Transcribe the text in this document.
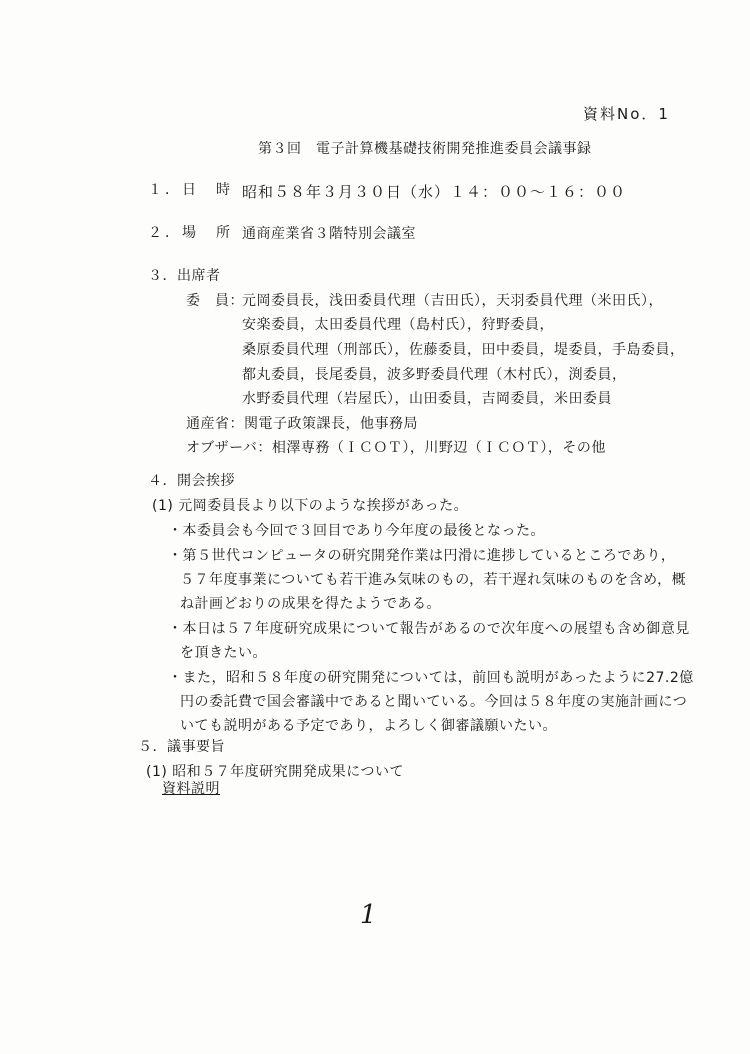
資料No．1
第３回　電子計算機基礎技術開発推進委員会議事録
１．日　時 昭和５８年３月３０日（水）１４：００～１６：００
２．場　所 通商産業省３階特別会議室
３．出席者
委　員：
元岡委員長，浅田委員代理（吉田氏），天羽委員代理（米田氏），
安楽委員，太田委員代理（島村氏），狩野委員，
桑原委員代理（刑部氏），佐藤委員，田中委員，堤委員，手島委員，
都丸委員，長尾委員，波多野委員代理（木村氏），渕委員，
水野委員代理（岩屋氏），山田委員，吉岡委員，米田委員
通産省：関電子政策課長，他事務局
オブザーバ：相澤専務（ＩＣＯＴ），川野辺（ＩＣＯＴ），その他
４．開会挨拶
(1) 元岡委員長より以下のような挨拶があった。
・本委員会も今回で３回目であり今年度の最後となった。
・第５世代コンピュータの研究開発作業は円滑に進捗しているところであり，
５７年度事業についても若干進み気味のもの，若干遅れ気味のものを含め，概
ね計画どおりの成果を得たようである。
・本日は５７年度研究成果について報告があるので次年度への展望も含め御意見
を頂きたい。
・また，昭和５８年度の研究開発については，前回も説明があったように27.2億
円の委託費で国会審議中であると聞いている。今回は５８年度の実施計画につ
いても説明がある予定であり，よろしく御審議願いたい。
５．議事要旨
(1) 昭和５７年度研究開発成果について
資料説明
1
